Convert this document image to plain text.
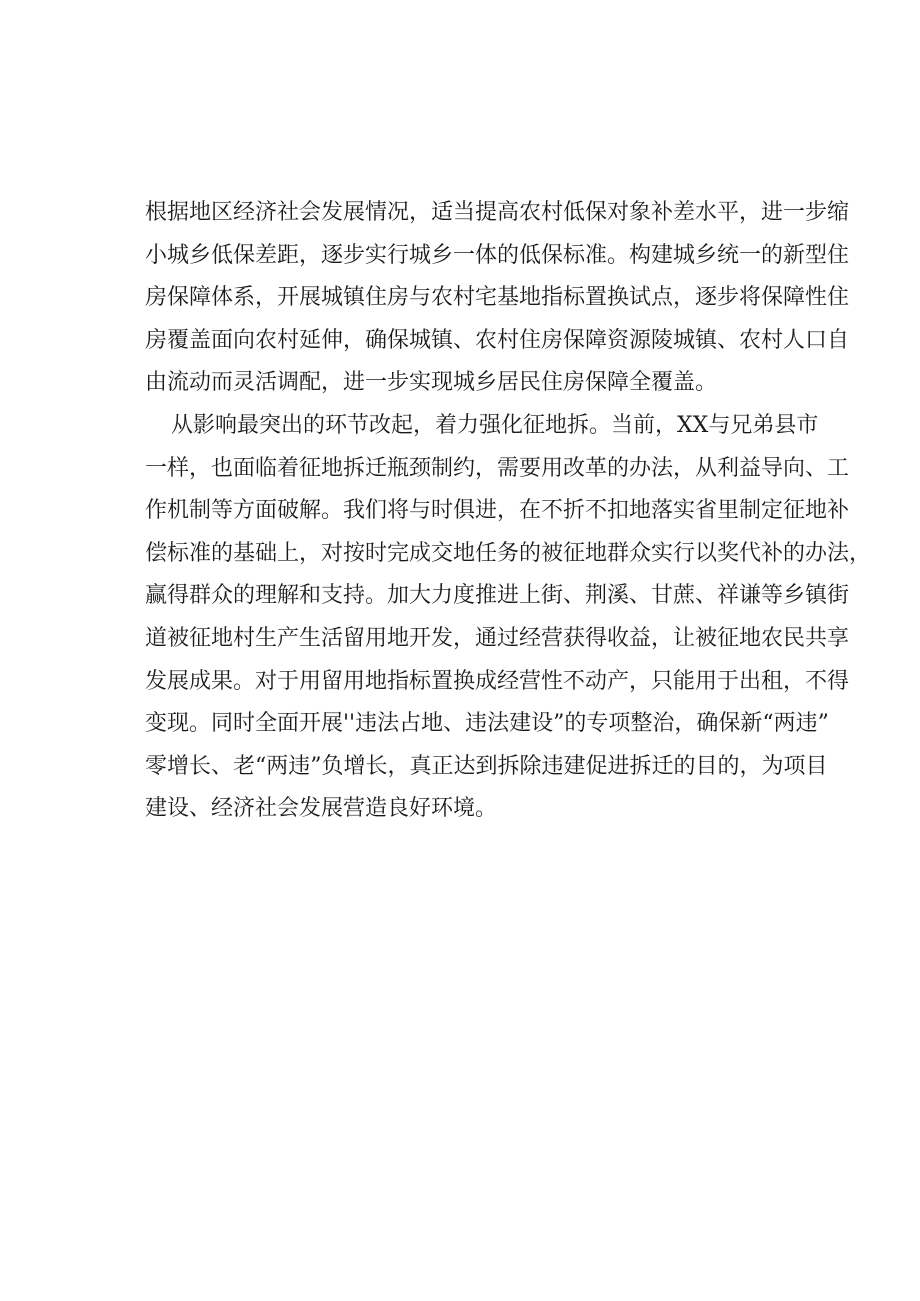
根据地区经济社会发展情况，适当提高农村低保对象补差水平，进一步缩
小城乡低保差距，逐步实行城乡一体的低保标准。构建城乡统一的新型住
房保障体系，开展城镇住房与农村宅基地指标置换试点，逐步将保障性住
房覆盖面向农村延伸，确保城镇、农村住房保障资源陵城镇、农村人口自
由流动而灵活调配，进一步实现城乡居民住房保障全覆盖。
从影响最突出的环节改起，着力强化征地拆。当前，XX与兄弟县市
一样，也面临着征地拆迁瓶颈制约，需要用改革的办法，从利益导向、工
作机制等方面破解。我们将与时俱进，在不折不扣地落实省里制定征地补
偿标准的基础上，对按时完成交地任务的被征地群众实行以奖代补的办法，
赢得群众的理解和支持。加大力度推进上街、荆溪、甘蔗、祥谦等乡镇街
道被征地村生产生活留用地开发，通过经营获得收益，让被征地农民共享
发展成果。对于用留用地指标置换成经营性不动产，只能用于出租，不得
变现。同时全面开展''违法占地、违法建设”的专项整治，确保新“两违”
零增长、老“两违”负增长，真正达到拆除违建促进拆迁的目的，为项目
建设、经济社会发展营造良好环境。
